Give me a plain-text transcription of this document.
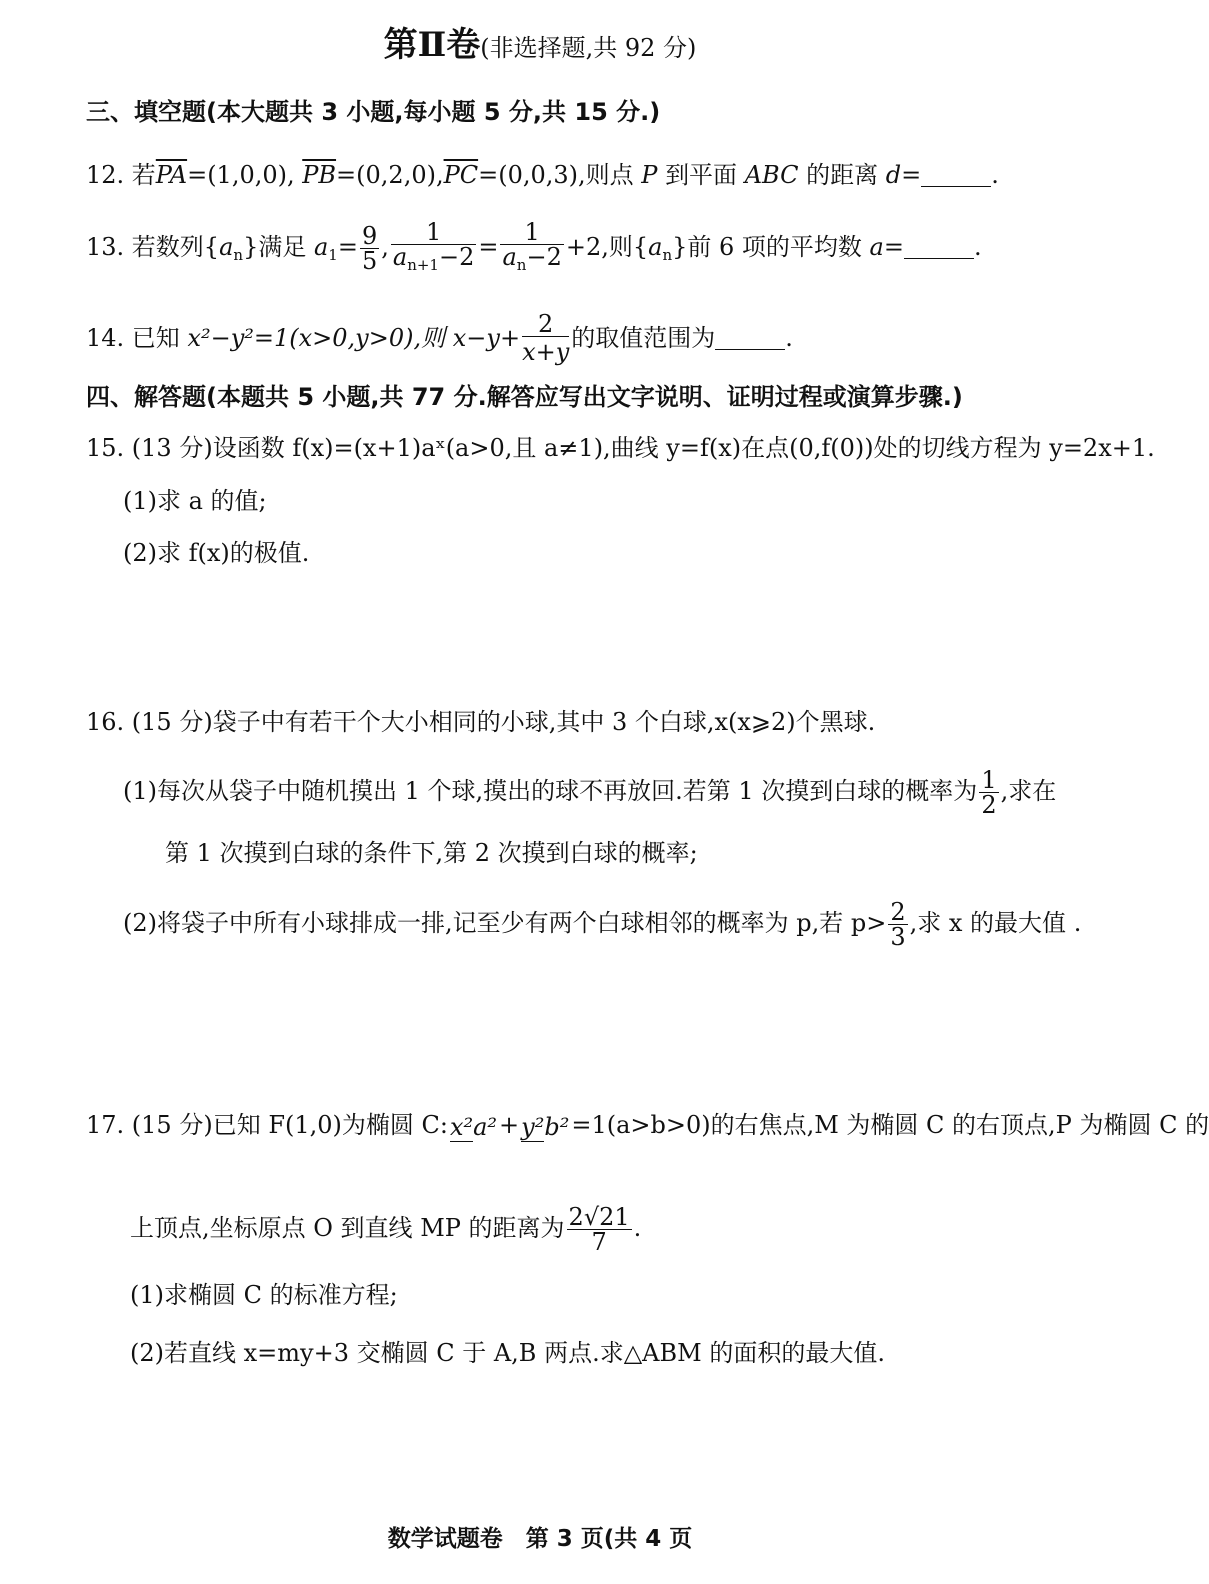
第Ⅱ卷(非选择题,共 92 分)
三、填空题(本大题共 3 小题,每小题 5 分,共 15 分.)
12. 若$\overline{PA}=(1,0,0)$, $\overline{PB}=(0,2,0),\overline{PC}=(0,0,3)$,则点 P 到平面 ABC 的距离 d=	.
13. 若数列$\{a_n\}$满足 $a_1= \frac{9}{5}$ , $\frac{1}{a_{n+1}-2} = \frac{1}{a_n-2} +2$,则$\{a_n\}$前 6 项的平均数 a=	.
14. 已知 x²−y²=1(x>0,y>0),则 $x-y+ \frac{2}{x+y}$的取值范围为	.
四、解答题(本题共 5 小题,共 77 分.解答应写出文字说明、证明过程或演算步骤.)
15. (13 分)设函数 f(x)=(x+1)aˣ(a>0,且 a≠1),曲线 y=f(x)在点(0,f(0))处的切线方程为 y=2x+1.
(1)求 a 的值;
(2)求 f(x)的极值.
16. (15 分)袋子中有若干个大小相同的小球,其中 3 个白球,x(x⩾2)个黑球.
(1)每次从袋子中随机摸出 1 个球,摸出的球不再放回.若第 1 次摸到白球的概率为 $\frac{1}{2}$ ,求在
第 1 次摸到白球的条件下,第 2 次摸到白球的概率;
(2)将袋子中所有小球排成一排,记至少有两个白球相邻的概率为 p,若 $p> \frac{2}{3}$ ,求 x 的最大值 .
17. (15 分)已知 F(1,0)为椭圆 C:x²a²+y²b²=1(a>b>0)的右焦点,M 为椭圆 C 的右顶点,P 为椭圆 C 的
上顶点,坐标原点 O 到直线 MP 的距离为 $\frac{2√21}{7}$ .
(1)求椭圆 C 的标准方程;
(2)若直线 x=my+3 交椭圆 C 于 A,B 两点.求△ABM 的面积的最大值.
数学试题卷　第 3 页(共 4 页
